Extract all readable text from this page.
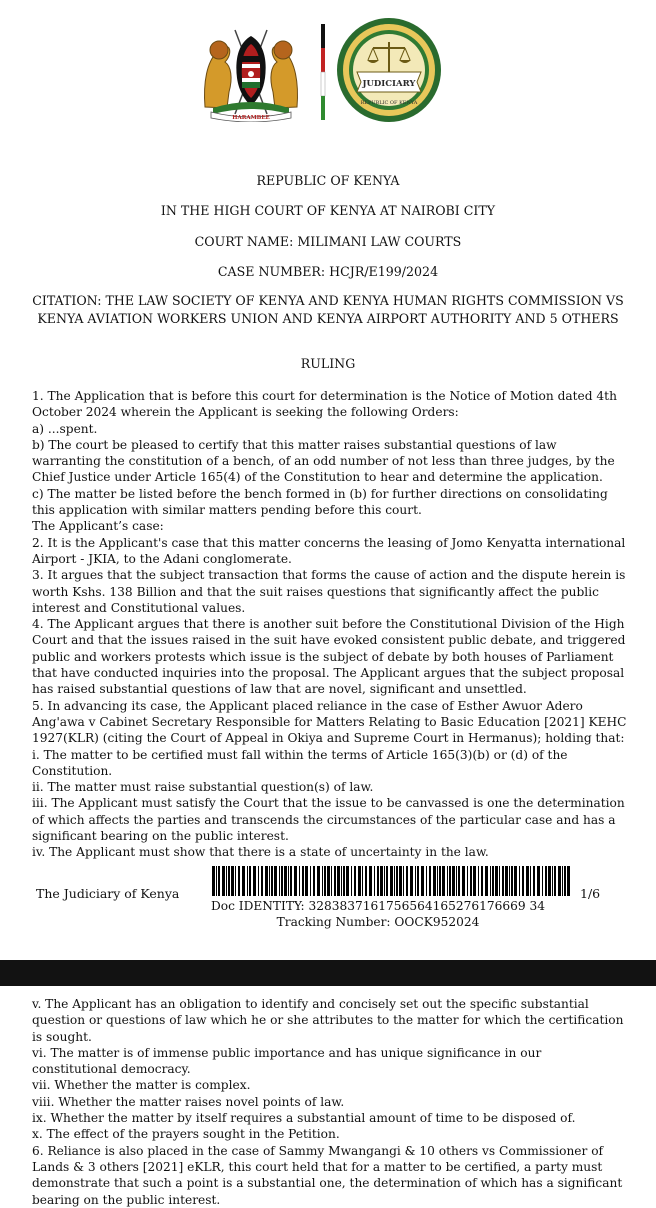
HARAMBEE
JUDICIARY
REPUBLIC OF KENYA
REPUBLIC OF KENYA
IN THE HIGH COURT OF KENYA AT NAIROBI CITY
COURT NAME: MILIMANI LAW COURTS
CASE NUMBER: HCJR/E199/2024
CITATION: THE LAW SOCIETY OF KENYA AND KENYA HUMAN RIGHTS COMMISSION VS KENYA AVIATION WORKERS UNION AND KENYA AIRPORT AUTHORITY AND 5 OTHERS
RULING

1. The Application that is before this court for determination is the Notice of Motion dated 4th October 2024 wherein the Applicant is seeking the following Orders:

a) ...spent.

b) The court be pleased to certify that this matter raises substantial questions of law warranting the constitution of a bench, of an odd number of not less than three judges, by the Chief Justice under Article 165(4) of the Constitution to hear and determine the application.

c) The matter be listed before the bench formed in (b) for further directions on consolidating this application with similar matters pending before this court.

The Applicant’s case:

2. It is the Applicant's case that this matter concerns the leasing of Jomo Kenyatta international Airport - JKIA, to the Adani conglomerate.

3. It argues that the subject transaction that forms the cause of action and the dispute herein is worth Kshs. 138 Billion and that the suit raises questions that significantly affect the public interest and Constitutional values.

4. The Applicant argues that there is another suit before the Constitutional Division of the High Court and that the issues raised in the suit have evoked consistent public debate, and triggered public and workers protests which issue is the subject of debate by both houses of Parliament that have conducted inquiries into the proposal. The Applicant argues that the subject proposal has raised substantial questions of law that are novel, significant and unsettled.

5. In advancing its case, the Applicant placed reliance in the case of Esther Awuor Adero Ang'awa v Cabinet Secretary Responsible for Matters Relating to Basic Education [2021] KEHC 1927(KLR) (citing the Court of Appeal in Okiya and Supreme Court in Hermanus); holding that:

i. The matter to be certified must fall within the terms of Article 165(3)(b) or (d) of the Constitution.

ii. The matter must raise substantial question(s) of law.

iii. The Applicant must satisfy the Court that the issue to be canvassed is one the determination of which affects the parties and transcends the circumstances of the particular case and has a significant bearing on the public interest.

iv. The Applicant must show that there is a state of uncertainty in the law.

The Judiciary of Kenya
Doc IDENTITY: 3283837161756564165276176669 34 Tracking Number: OOCK952024
1/6

v. The Applicant has an obligation to identify and concisely set out the specific substantial question or questions of law which he or she attributes to the matter for which the certification is sought.

vi. The matter is of immense public importance and has unique significance in our constitutional democracy.

vii. Whether the matter is complex.

viii. Whether the matter raises novel points of law.

ix. Whether the matter by itself requires a substantial amount of time to be disposed of.

x. The effect of the prayers sought in the Petition.

6. Reliance is also placed in the case of Sammy Mwangangi & 10 others vs Commissioner of Lands & 3 others [2021] eKLR, this court held that for a matter to be certified, a party must demonstrate that such a point is a substantial one, the determination of which has a significant bearing on the public interest.
